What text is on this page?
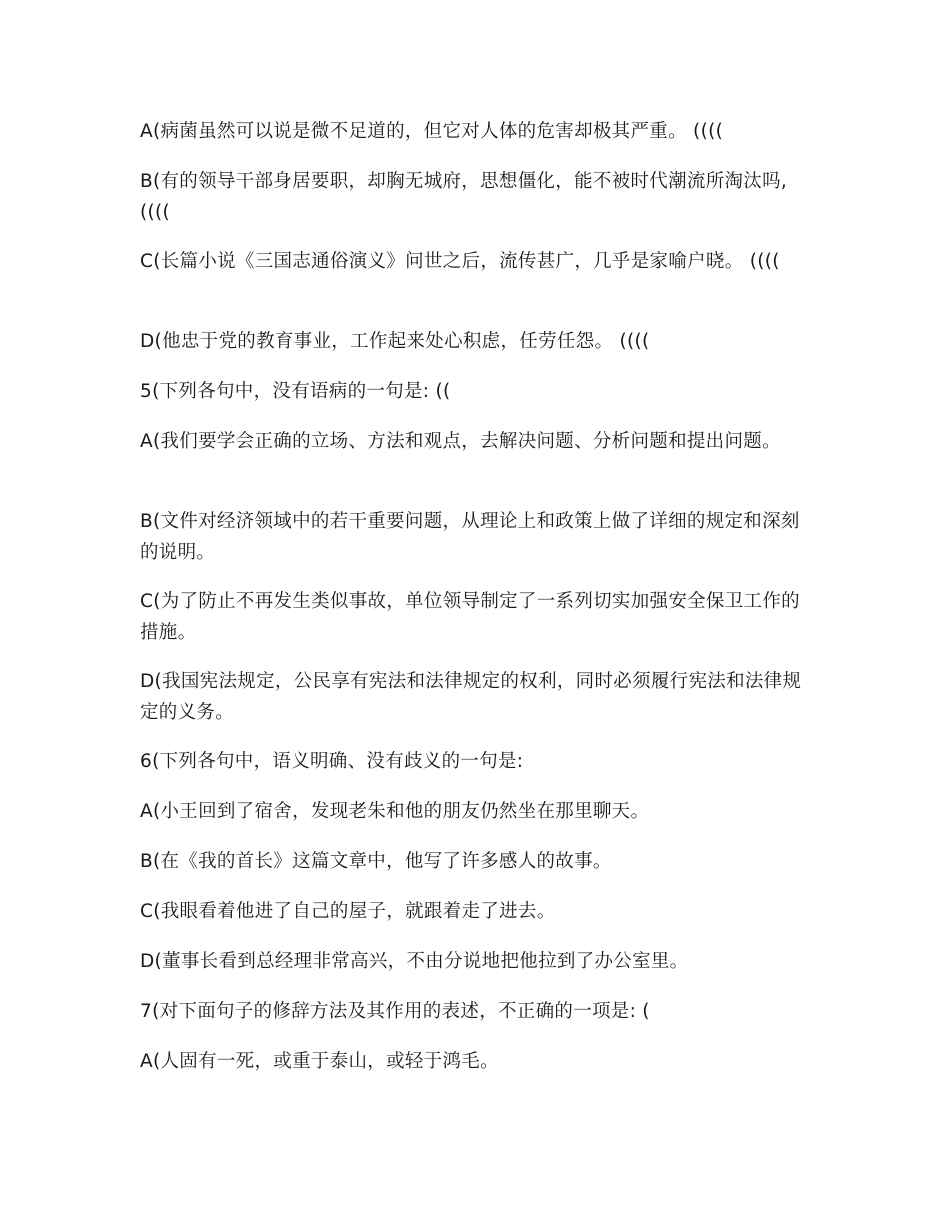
A(病菌虽然可以说是微不足道的，但它对人体的危害却极其严重。 ((((
B(有的领导干部身居要职，却胸无城府，思想僵化，能不被时代潮流所淘汰吗, ((((
C(长篇小说《三国志通俗演义》问世之后，流传甚广，几乎是家喻户晓。 ((((
D(他忠于党的教育事业，工作起来处心积虑，任劳任怨。 ((((
5(下列各句中，没有语病的一句是: ((
A(我们要学会正确的立场、方法和观点，去解决问题、分析问题和提出问题。
B(文件对经济领域中的若干重要问题，从理论上和政策上做了详细的规定和深刻的说明。
C(为了防止不再发生类似事故，单位领导制定了一系列切实加强安全保卫工作的措施。
D(我国宪法规定，公民享有宪法和法律规定的权利，同时必须履行宪法和法律规定的义务。
6(下列各句中，语义明确、没有歧义的一句是:
A(小王回到了宿舍，发现老朱和他的朋友仍然坐在那里聊天。
B(在《我的首长》这篇文章中，他写了许多感人的故事。
C(我眼看着他进了自己的屋子，就跟着走了进去。
D(董事长看到总经理非常高兴，不由分说地把他拉到了办公室里。
7(对下面句子的修辞方法及其作用的表述，不正确的一项是: (
A(人固有一死，或重于泰山，或轻于鸿毛。
